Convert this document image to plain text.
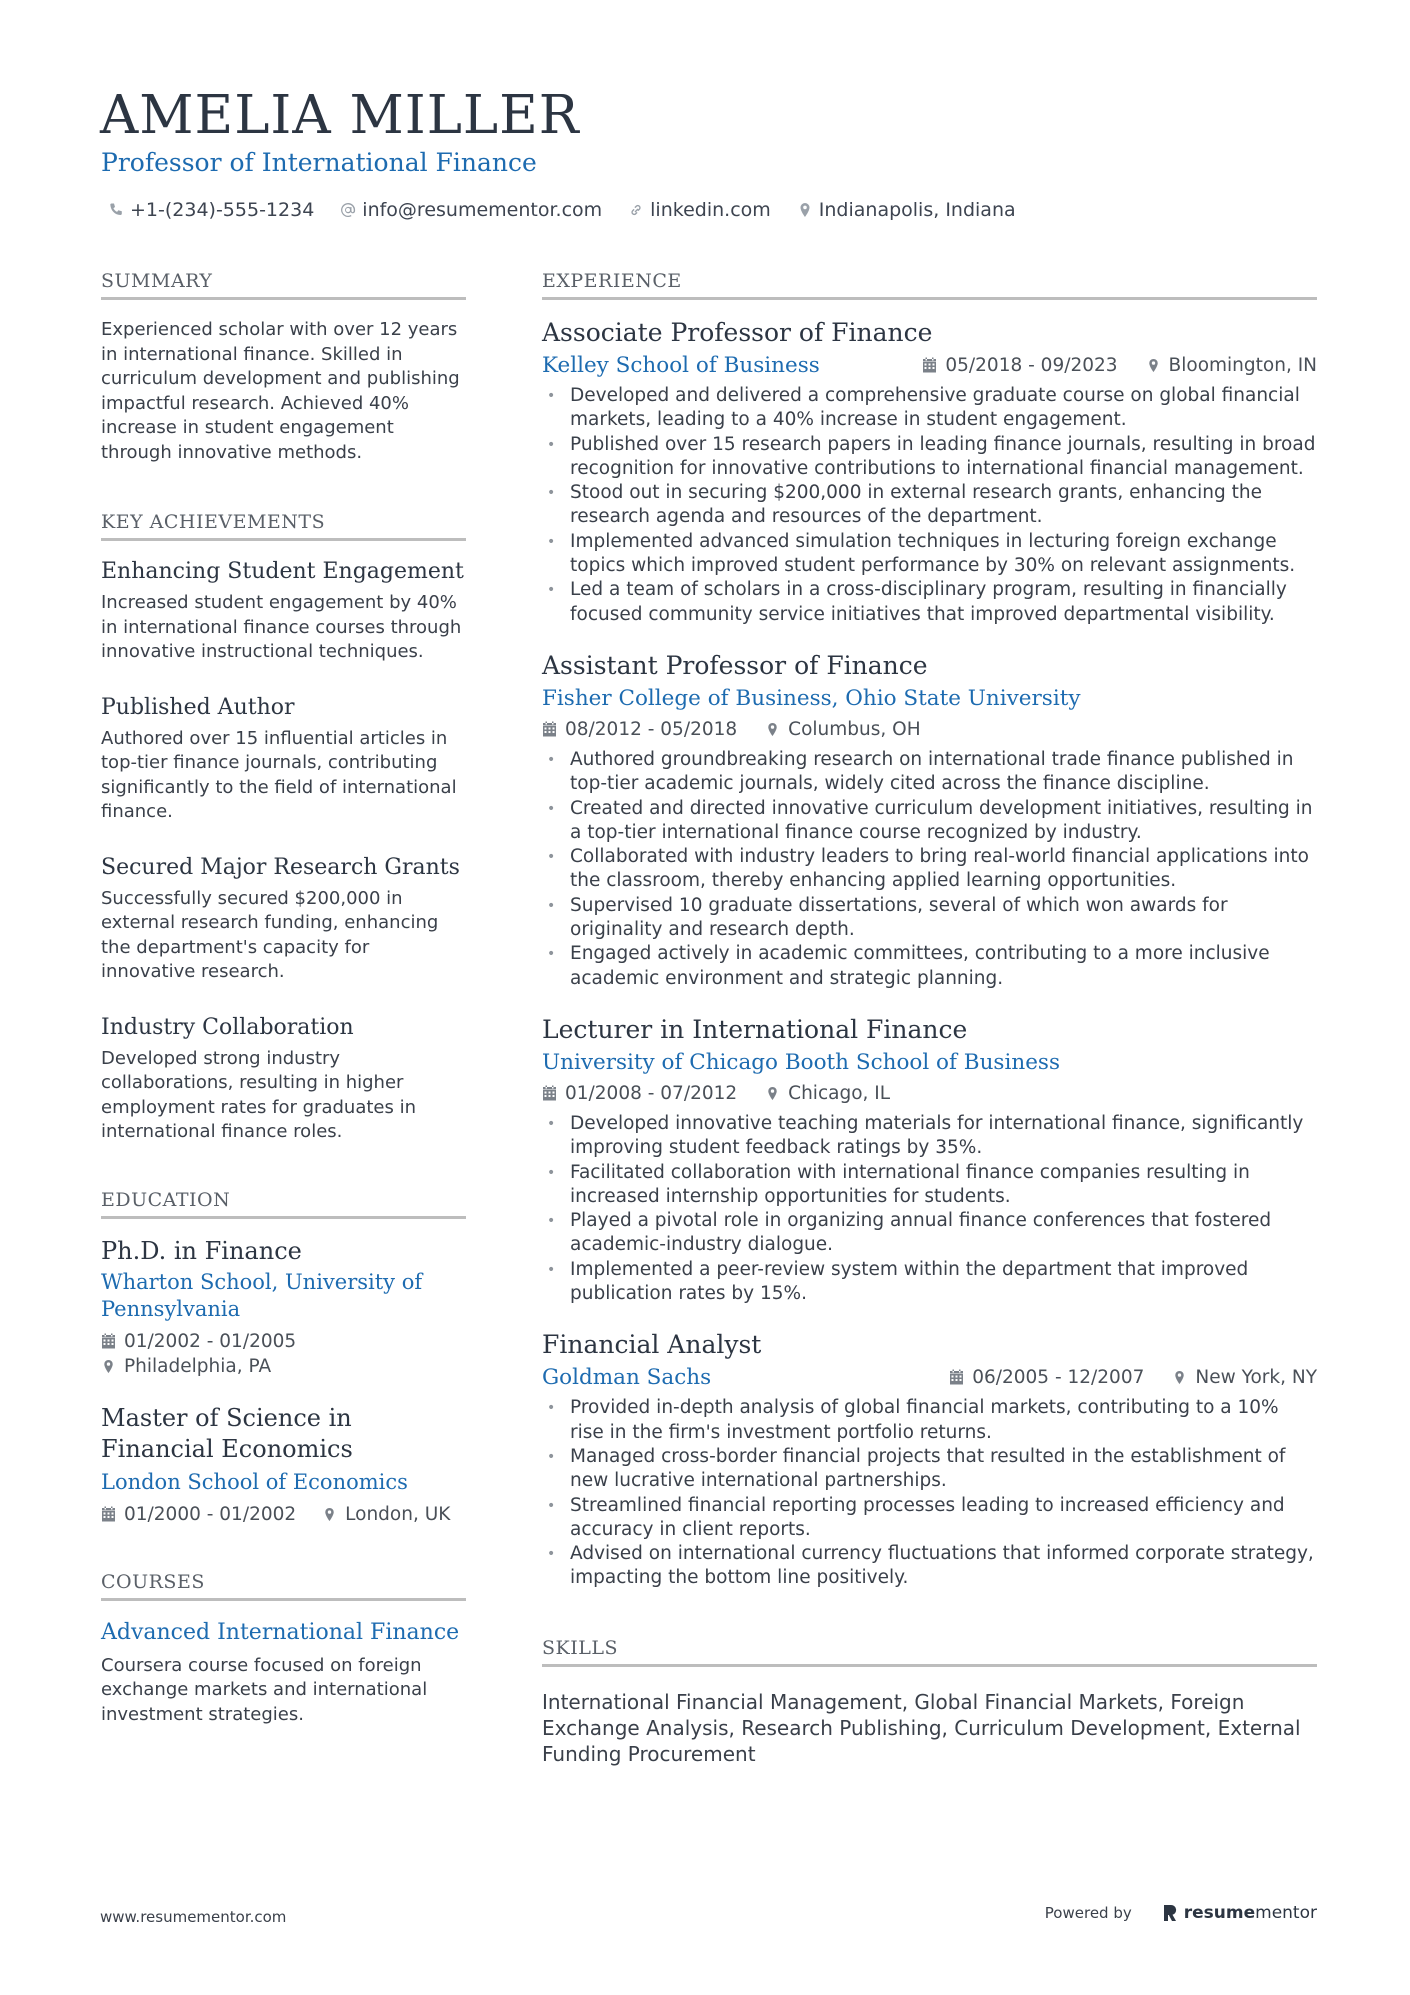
AMELIA MILLER
Professor of International Finance
+1-(234)-555-1234	info@resumementor.com	linkedin.com	Indianapolis, Indiana
SUMMARY
Experienced scholar with over 12 years in international finance. Skilled in curriculum development and publishing impactful research. Achieved 40% increase in student engagement through innovative methods.
KEY ACHIEVEMENTS
Enhancing Student Engagement
Increased student engagement by 40% in international finance courses through innovative instructional techniques.
Published Author
Authored over 15 influential articles in top-tier finance journals, contributing significantly to the field of international finance.
Secured Major Research Grants
Successfully secured $200,000 in external research funding, enhancing the department's capacity for innovative research.
Industry Collaboration
Developed strong industry collaborations, resulting in higher employment rates for graduates in international finance roles.
EDUCATION
Ph.D. in Finance
Wharton School, University of Pennsylvania
01/2002 - 01/2005
Philadelphia, PA
Master of Science in Financial Economics
London School of Economics
01/2000 - 01/2002	London, UK
COURSES
Advanced International Finance
Coursera course focused on foreign exchange markets and international investment strategies.
EXPERIENCE
Associate Professor of Finance
Kelley School of Business	05/2018 - 09/2023	Bloomington, IN
• Developed and delivered a comprehensive graduate course on global financial markets, leading to a 40% increase in student engagement.
• Published over 15 research papers in leading finance journals, resulting in broad recognition for innovative contributions to international financial management.
• Stood out in securing $200,000 in external research grants, enhancing the research agenda and resources of the department.
• Implemented advanced simulation techniques in lecturing foreign exchange topics which improved student performance by 30% on relevant assignments.
• Led a team of scholars in a cross-disciplinary program, resulting in financially focused community service initiatives that improved departmental visibility.
Assistant Professor of Finance
Fisher College of Business, Ohio State University
08/2012 - 05/2018	Columbus, OH
• Authored groundbreaking research on international trade finance published in top-tier academic journals, widely cited across the finance discipline.
• Created and directed innovative curriculum development initiatives, resulting in a top-tier international finance course recognized by industry.
• Collaborated with industry leaders to bring real-world financial applications into the classroom, thereby enhancing applied learning opportunities.
• Supervised 10 graduate dissertations, several of which won awards for originality and research depth.
• Engaged actively in academic committees, contributing to a more inclusive academic environment and strategic planning.
Lecturer in International Finance
University of Chicago Booth School of Business
01/2008 - 07/2012	Chicago, IL
• Developed innovative teaching materials for international finance, significantly improving student feedback ratings by 35%.
• Facilitated collaboration with international finance companies resulting in increased internship opportunities for students.
• Played a pivotal role in organizing annual finance conferences that fostered academic-industry dialogue.
• Implemented a peer-review system within the department that improved publication rates by 15%.
Financial Analyst
Goldman Sachs	06/2005 - 12/2007	New York, NY
• Provided in-depth analysis of global financial markets, contributing to a 10% rise in the firm's investment portfolio returns.
• Managed cross-border financial projects that resulted in the establishment of new lucrative international partnerships.
• Streamlined financial reporting processes leading to increased efficiency and accuracy in client reports.
• Advised on international currency fluctuations that informed corporate strategy, impacting the bottom line positively.
SKILLS
International Financial Management, Global Financial Markets, Foreign Exchange Analysis, Research Publishing, Curriculum Development, External Funding Procurement
www.resumementor.com	Powered by	resumementor
